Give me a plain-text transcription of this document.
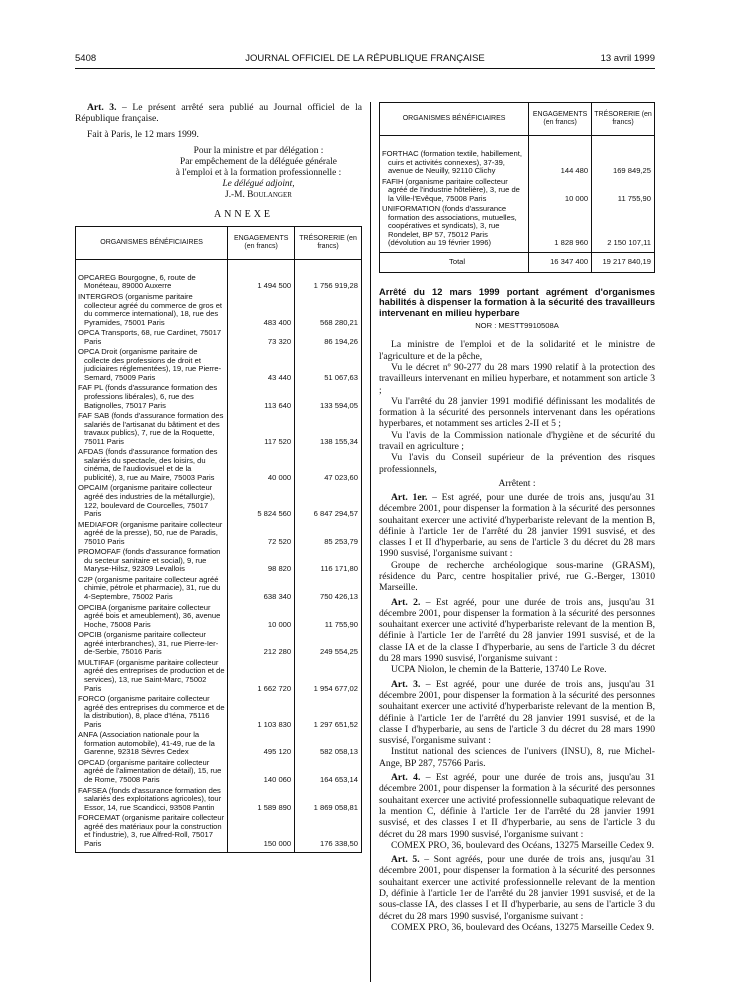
5408	JOURNAL OFFICIEL DE LA RÉPUBLIQUE FRANÇAISE	13 avril 1999

Art. 3. – Le présent arrêté sera publié au Journal officiel de la République française.

Fait à Paris, le 12 mars 1999.

Pour la ministre et par délégation :

Par empêchement de la déléguée générale

à l'emploi et à la formation professionnelle :

Le délégué adjoint,

J.-M. Boulanger

ANNEXE

ORGANISMES BÉNÉFICIAIRES	ENGAGEMENTS (en francs)	TRÉSORERIE (en francs)
OPCAREG Bourgogne, 6, route de Monéteau, 89000 Auxerre	1 494 500	1 756 919,28
INTERGROS (organisme paritaire collecteur agréé du commerce de gros et du commerce international), 18, rue des Pyramides, 75001 Paris	483 400	568 280,21
OPCA Transports, 68, rue Cardinet, 75017 Paris	73 320	86 194,26
OPCA Droit (organisme paritaire de collecte des professions de droit et judiciaires réglementées), 19, rue Pierre-Semard, 75009 Paris	43 440	51 067,63
FAF PL (fonds d'assurance formation des professions libérales), 6, rue des Batignolles, 75017 Paris	113 640	133 594,05
FAF SAB (fonds d'assurance formation des salariés de l'artisanat du bâtiment et des travaux publics), 7, rue de la Roquette, 75011 Paris	117 520	138 155,34
AFDAS (fonds d'assurance formation des salariés du spectacle, des loisirs, du cinéma, de l'audiovisuel et de la publicité), 3, rue au Maire, 75003 Paris	40 000	47 023,60
OPCAIM (organisme paritaire collecteur agréé des industries de la métallurgie), 122, boulevard de Courcelles, 75017 Paris	5 824 560	6 847 294,57
MEDIAFOR (organisme paritaire collecteur agréé de la presse), 50, rue de Paradis, 75010 Paris	72 520	85 253,79
PROMOFAF (fonds d'assurance formation du secteur sanitaire et social), 9, rue Maryse-Hilsz, 92309 Levallois	98 820	116 171,80
C2P (organisme paritaire collecteur agréé chimie, pétrole et pharmacie), 31, rue du 4-Septembre, 75002 Paris	638 340	750 426,13
OPCIBA (organisme paritaire collecteur agréé bois et ameublement), 36, avenue Hoche, 75008 Paris	10 000	11 755,90
OPCIB (organisme paritaire collecteur agréé interbranches), 31, rue Pierre-Ier-de-Serbie, 75016 Paris	212 280	249 554,25
MULTIFAF (organisme paritaire collecteur agréé des entreprises de production et de services), 13, rue Saint-Marc, 75002 Paris	1 662 720	1 954 677,02
FORCO (organisme paritaire collecteur agréé des entreprises du commerce et de la distribution), 8, place d'Iéna, 75116 Paris	1 103 830	1 297 651,52
ANFA (Association nationale pour la formation automobile), 41-49, rue de la Garenne, 92318 Sèvres Cedex	495 120	582 058,13
OPCAD (organisme paritaire collecteur agréé de l'alimentation de détail), 15, rue de Rome, 75008 Paris	140 060	164 653,14
FAFSEA (fonds d'assurance formation des salariés des exploitations agricoles), tour Essor, 14, rue Scandicci, 93508 Pantin	1 589 890	1 869 058,81
FORCEMAT (organisme paritaire collecteur agréé des matériaux pour la construction et l'industrie), 3, rue Alfred-Roll, 75017 Paris	150 000	176 338,50
ORGANISMES BÉNÉFICIAIRES	ENGAGEMENTS (en francs)	TRÉSORERIE (en francs)
FORTHAC (formation textile, habillement, cuirs et activités connexes), 37-39, avenue de Neuilly, 92110 Clichy	144 480	169 849,25
FAFIH (organisme paritaire collecteur agréé de l'industrie hôtelière), 3, rue de la Ville-l'Evêque, 75008 Paris	10 000	11 755,90
UNIFORMATION (fonds d'assurance formation des associations, mutuelles, coopératives et syndicats), 3, rue Rondelet, BP 57, 75012 Paris (dévolution au 19 février 1996)	1 828 960	2 150 107,11
Total	16 347 400	19 217 840,19

Arrêté du 12 mars 1999 portant agrément d'organismes habilités à dispenser la formation à la sécurité des travailleurs intervenant en milieu hyperbare

NOR : MESTT9910508A

La ministre de l'emploi et de la solidarité et le ministre de l'agriculture et de la pêche,

Vu le décret nº 90-277 du 28 mars 1990 relatif à la protection des travailleurs intervenant en milieu hyperbare, et notamment son article 3 ;

Vu l'arrêté du 28 janvier 1991 modifié définissant les modalités de formation à la sécurité des personnels intervenant dans les opérations hyperbares, et notamment ses articles 2-II et 5 ;

Vu l'avis de la Commission nationale d'hygiène et de sécurité du travail en agriculture ;

Vu l'avis du Conseil supérieur de la prévention des risques professionnels,

Arrêtent :

Art. 1er. – Est agréé, pour une durée de trois ans, jusqu'au 31 décembre 2001, pour dispenser la formation à la sécurité des personnes souhaitant exercer une activité d'hyperbariste relevant de la mention B, définie à l'article 1er de l'arrêté du 28 janvier 1991 susvisé, et des classes I et II d'hyperbarie, au sens de l'article 3 du décret du 28 mars 1990 susvisé, l'organisme suivant :

Groupe de recherche archéologique sous-marine (GRASM), résidence du Parc, centre hospitalier privé, rue G.-Berger, 13010 Marseille.

Art. 2. – Est agréé, pour une durée de trois ans, jusqu'au 31 décembre 2001, pour dispenser la formation à la sécurité des personnes souhaitant exercer une activité d'hyperbariste relevant de la mention B, définie à l'article 1er de l'arrêté du 28 janvier 1991 susvisé, et de la classe IA et de la classe I d'hyperbarie, au sens de l'article 3 du décret du 28 mars 1990 susvisé, l'organisme suivant :

UCPA Niolon, le chemin de la Batterie, 13740 Le Rove.

Art. 3. – Est agréé, pour une durée de trois ans, jusqu'au 31 décembre 2001, pour dispenser la formation à la sécurité des personnes souhaitant exercer une activité d'hyperbariste relevant de la mention B, définie à l'article 1er de l'arrêté du 28 janvier 1991 susvisé, et de la classe I d'hyperbarie, au sens de l'article 3 du décret du 28 mars 1990 susvisé, l'organisme suivant :

Institut national des sciences de l'univers (INSU), 8, rue Michel-Ange, BP 287, 75766 Paris.

Art. 4. – Est agréé, pour une durée de trois ans, jusqu'au 31 décembre 2001, pour dispenser la formation à la sécurité des personnes souhaitant exercer une activité professionnelle subaquatique relevant de la mention C, définie à l'article 1er de l'arrêté du 28 janvier 1991 susvisé, et des classes I et II d'hyperbarie, au sens de l'article 3 du décret du 28 mars 1990 susvisé, l'organisme suivant :

COMEX PRO, 36, boulevard des Océans, 13275 Marseille Cedex 9.

Art. 5. – Sont agréés, pour une durée de trois ans, jusqu'au 31 décembre 2001, pour dispenser la formation à la sécurité des personnes souhaitant exercer une activité professionnelle relevant de la mention D, définie à l'article 1er de l'arrêté du 28 janvier 1991 susvisé, et de la sous-classe IA, des classes I et II d'hyperbarie, au sens de l'article 3 du décret du 28 mars 1990 susvisé, l'organisme suivant :

COMEX PRO, 36, boulevard des Océans, 13275 Marseille Cedex 9.
